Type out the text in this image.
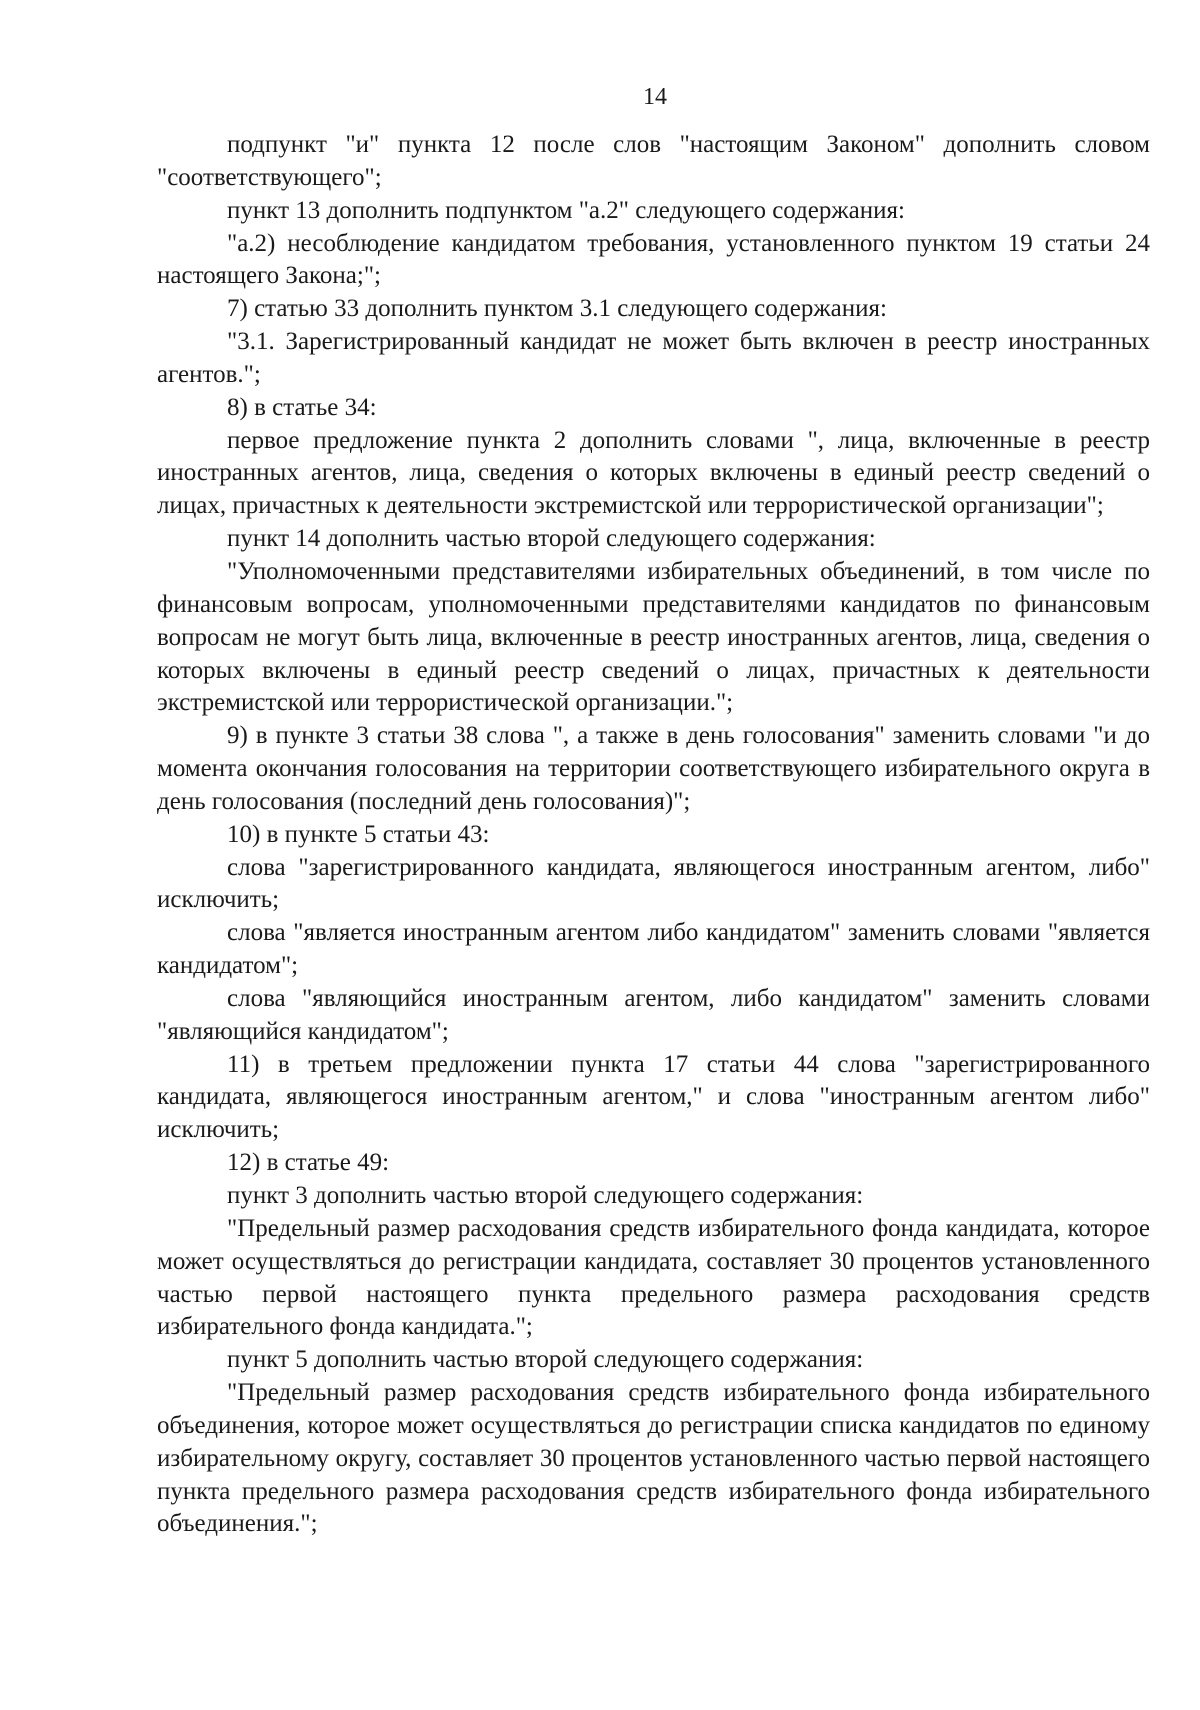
14

подпункт "и" пункта 12 после слов "настоящим Законом" дополнить словом "соответствующего";

пункт 13 дополнить подпунктом "а.2" следующего содержания:

"а.2) несоблюдение кандидатом требования, установленного пунктом 19 статьи 24 настоящего Закона;";

7) статью 33 дополнить пунктом 3.1 следующего содержания:

"3.1. Зарегистрированный кандидат не может быть включен в реестр иностранных агентов.";

8) в статье 34:

первое предложение пункта 2 дополнить словами ", лица, включенные в реестр иностранных агентов, лица, сведения о которых включены в единый реестр сведений о лицах, причастных к деятельности экстремистской или террористической организации";

пункт 14 дополнить частью второй следующего содержания:

"Уполномоченными представителями избирательных объединений, в том числе по финансовым вопросам, уполномоченными представителями кандидатов по финансовым вопросам не могут быть лица, включенные в реестр иностранных агентов, лица, сведения о которых включены в единый реестр сведений о лицах, причастных к деятельности экстремистской или террористической организации.";

9) в пункте 3 статьи 38 слова ", а также в день голосования" заменить словами "и до момента окончания голосования на территории соответствующего избирательного округа в день голосования (последний день голосования)";

10) в пункте 5 статьи 43:

слова "зарегистрированного кандидата, являющегося иностранным агентом, либо" исключить;

слова "является иностранным агентом либо кандидатом" заменить словами "является кандидатом";

слова "являющийся иностранным агентом, либо кандидатом" заменить словами "являющийся кандидатом";

11) в третьем предложении пункта 17 статьи 44 слова "зарегистрированного кандидата, являющегося иностранным агентом," и слова "иностранным агентом либо" исключить;

12) в статье 49:

пункт 3 дополнить частью второй следующего содержания:

"Предельный размер расходования средств избирательного фонда кандидата, которое может осуществляться до регистрации кандидата, составляет 30 процентов установленного частью первой настоящего пункта предельного размера расходования средств избирательного фонда кандидата.";

пункт 5 дополнить частью второй следующего содержания:

"Предельный размер расходования средств избирательного фонда избирательного объединения, которое может осуществляться до регистрации списка кандидатов по единому избирательному округу, составляет 30 процентов установленного частью первой настоящего пункта предельного размера расходования средств избирательного фонда избирательного объединения.";
